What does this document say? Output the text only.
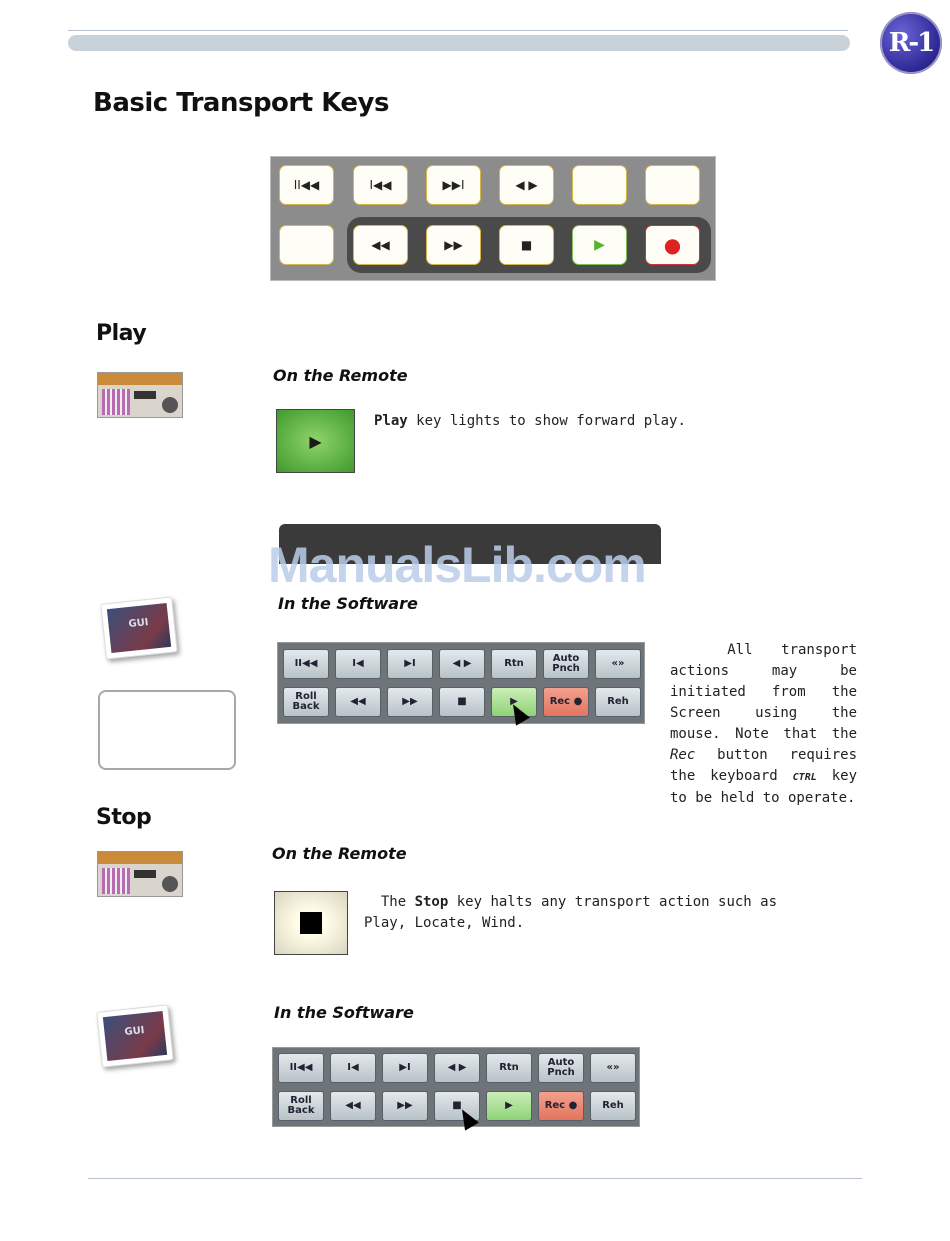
R-1
Basic Transport Keys
II◀◀	I◀◀	▶▶I	◀ ▶
◀◀	▶▶	■	▶	●
Play

On the Remote

▶
Play key lights to show forward play.
ManualsLib.com
GUI

In the Software

II◀◀	I◀	▶I	◀ ▶	Rtn	Auto Pnch	«»
Roll Back	◀◀	▶▶	■	▶	Rec ●	Reh
All transport actions may be initiated from the Screen using the mouse. Note that the Rec button requires the keyboard CTRL key to be held to operate.
Stop

On the Remote

The Stop key halts any transport action such as Play, Locate, Wind.
GUI

In the Software

II◀◀	I◀	▶I	◀ ▶	Rtn	Auto Pnch	«»
Roll Back	◀◀	▶▶	■	▶	Rec ●	Reh
